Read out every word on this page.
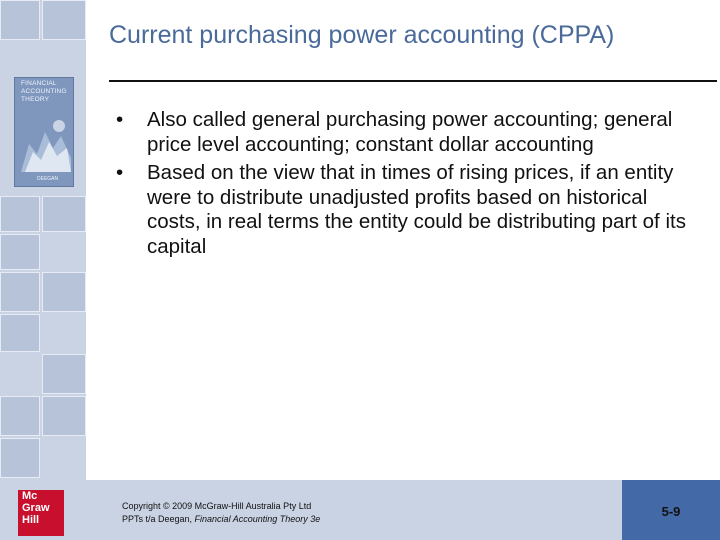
FINANCIAL
ACCOUNTING
THEORY
DEEGAN
Mc
Graw
Hill
Current purchasing power accounting (CPPA)
• Also called general purchasing power accounting; general price level accounting; constant dollar accounting
• Based on the view that in times of rising prices, if an entity were to distribute unadjusted profits based on historical costs, in real terms the entity could be distributing part of its capital
Copyright © 2009 McGraw-Hill Australia Pty Ltd
PPTs t/a Deegan, Financial Accounting Theory 3e	5-9
